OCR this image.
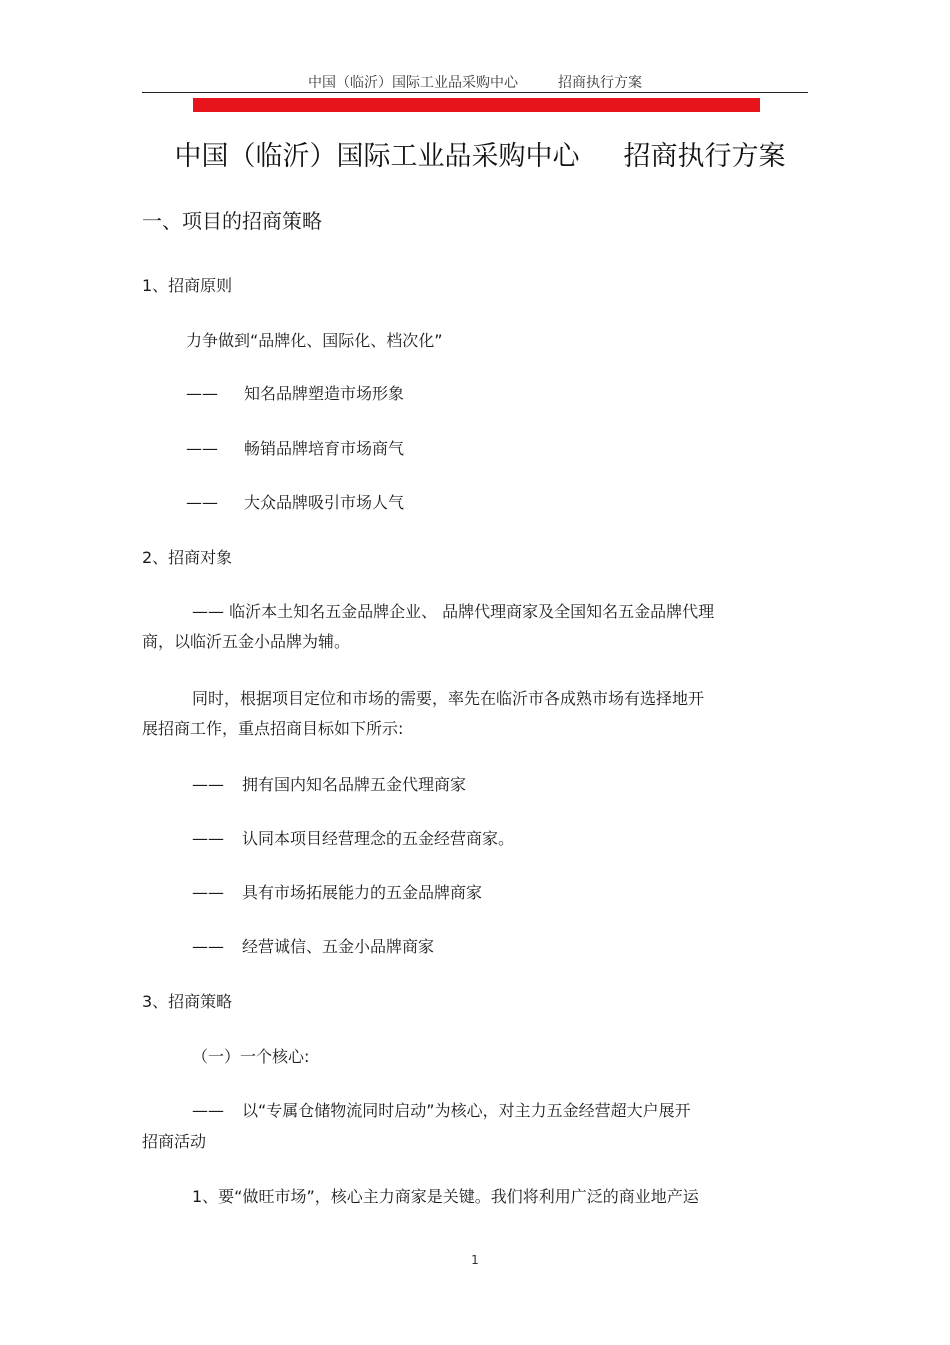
中国（临沂）国际工业品采购中心	招商执行方案
中国（临沂）国际工业品采购中心 招商执行方案
一、项目的招商策略
1、招商原则
力争做到“品牌化、国际化、档次化”
—— 知名品牌塑造市场形象
—— 畅销品牌培育市场商气
—— 大众品牌吸引市场人气
2、招商对象
—— 临沂本土知名五金品牌企业、 品牌代理商家及全国知名五金品牌代理
商，以临沂五金小品牌为辅。
同时，根据项目定位和市场的需要，率先在临沂市各成熟市场有选择地开
展招商工作，重点招商目标如下所示:
—— 拥有国内知名品牌五金代理商家
—— 认同本项目经营理念的五金经营商家。
—— 具有市场拓展能力的五金品牌商家
—— 经营诚信、五金小品牌商家
3、招商策略
（一）一个核心:
—— 以“专属仓储物流同时启动”为核心，对主力五金经营超大户展开
招商活动
1、要“做旺市场”，核心主力商家是关键。我们将利用广泛的商业地产运
1
